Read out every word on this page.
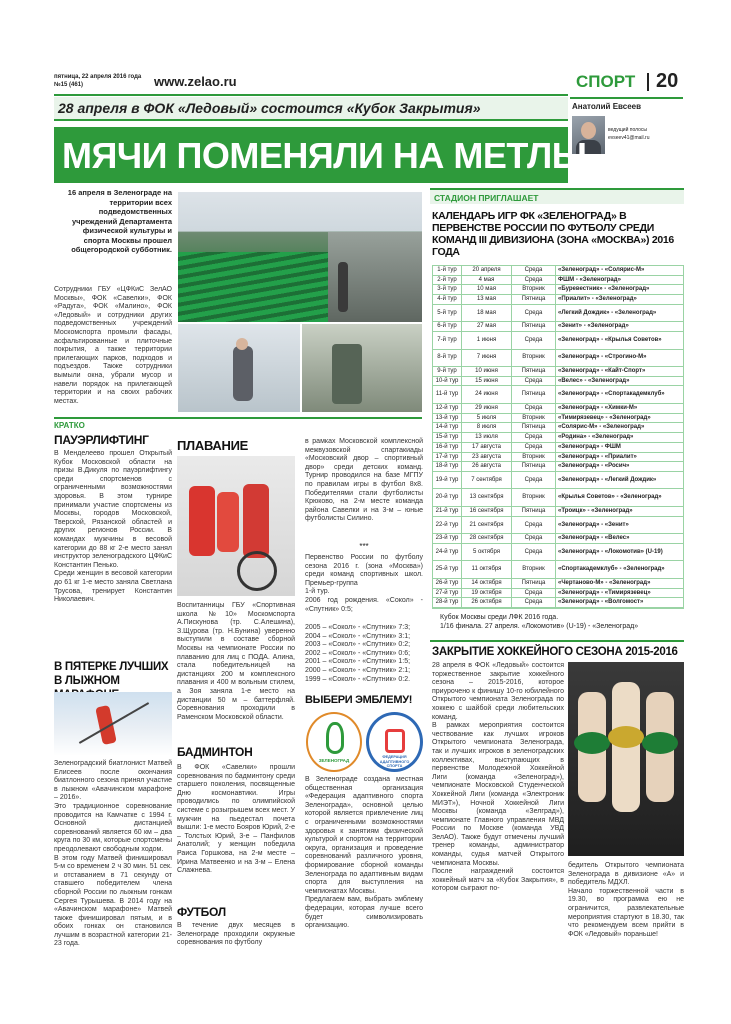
пятница, 22 апреля 2016 года
№15 (461)	www.zelao.ru	СПОРТ 20
28 апреля в ФОК «Ледовый» состоится «Кубок Закрытия»	Анатолий Евсеев
ведущий полосы
evseev41@mail.ru
МЯЧИ ПОМЕНЯЛИ НА МЕТЛЫ
16 апреля в Зеленограде на территории всех подведомственных учреждений Департамента физической культуры и спорта Москвы прошел общегородской субботник.
Сотрудники ГБУ «ЦФКиС ЗелАО Москвы», ФОК «Савелки», ФОК «Радуга», ФОК «Малино», ФОК «Ледовый» и сотрудники других подведомственных учреждений Москомспорта промыли фасады, асфальтированные и плиточные покрытия, а также территории прилегающих парков, подходов и подъездов. Также сотрудники вымыли окна, убрали мусор и навели порядок на прилегающей территории и на своих рабочих местах.
КРАТКО
ПАУЭРЛИФТИНГ
В Менделеево прошел Открытый Кубок Московской области на призы В.Дикуля по пауэрлифтингу среди спортсменов с ограниченными возможностями здоровья. В этом турнире принимали участие спортсмены из Москвы, городов Московской, Тверской, Рязанской областей и других регионов России. В командах мужчины в весовой категории до 88 кг 2-е место занял инструктор зеленоградского ЦФКиС Константин Пенько.
Среди женщин в весовой категории до 61 кг 1-е место заняла Светлана Трусова, тренирует Константин Николаевич.
В ПЯТЕРКЕ ЛУЧШИХ В ЛЫЖНОМ
Зеленоградский биатлонист Матвей Елисеев после окончания биатлонного сезона принял участие в лыжном «Авачинском марафоне – 2016».
Это традиционное соревнование проводится на Камчатке с 1994 г. Основной дистанцией соревнований является 60 км – два круга по 30 км, которые спортсмены преодолевают свободным ходом.
В этом году Матвей финишировал 5-м со временем 2 ч 30 мин. 51 сек. и отставанием в 71 секунду от ставшего победителем члена сборной России по лыжным гонкам Сергея Турышева. В 2014 году на «Авачинском марафоне» Матвей также финишировал пятым, и в обоих гонках он становился лучшим в возрастной категории 21-23 года.
ПЛАВАНИЕ
Воспитанницы ГБУ «Спортивная школа №10» Москомспорта А.Пискунова (тр. С.Алешина), З.Щурова (тр. Н.Бунина) уверенно выступили в составе сборной Москвы на чемпионате России по плаванию для лиц с ПОДА. Алина, стала победительницей на дистанциях 200 м комплексного плавания и 400 м вольным стилем, а Зоя заняла 1-е место на дистанции 50 м – баттерфляй. Соревнования проходили в Раменском Московской области.
БАДМИНТОН
В ФОК «Савелки» прошли соревнования по бадминтону среди старшего поколения, посвященные Дню космонавтики. Игры проводились по олимпийской системе с розыгрышем всех мест. У мужчин на пьедестал почета вышли: 1-е место Бояров Юрий, 2-е – Толстых Юрий, 3-е – Панфилов Анатолий; у женщин победила Раиса Горшкова, на 2-м месте – Ирина Матвеенко и на 3-м – Елена Слажнева.
ФУТБОЛ
В течение двух месяцев в Зеленограде проходили окружные соревнования по футболу
в рамках Московской комплексной межвузовской спартакиады «Московский двор – спортивный двор» среди детских команд. Турнир проводился на базе МГПУ по правилам игры в футбол 8х8. Победителями стали футболисты Крюково, на 2-м месте команда района Савелки и на 3-м – юные футболисты Силино.
***
Первенство России по футболу сезона 2016 г. (зона «Москва») среди команд спортивных школ. Премьер-группа
1-й тур.
2006 год рождения. «Сокол» - «Спутник» 0:5;
2005 – «Сокол» - «Спутник» 7:3;
2004 – «Сокол» - «Спутник» 3:1;
2003 – «Сокол» - «Спутник» 0:2;
2002 – «Сокол» - «Спутник» 0:6;
2001 – «Сокол» - «Спутник» 1:5;
2000 – «Сокол» - «Спутник» 2:1;
1999 – «Сокол» - «Спутник» 0:2.
ВЫБЕРИ ЭМБЛЕМУ!
ЗЕЛЕНОГРАД
ФЕДЕРАЦИЯ АДАПТИВНОГО СПОРТА
В Зеленограде создана местная общественная организация «Федерация адаптивного спорта Зеленограда», основной целью которой является привлечение лиц с ограниченными возможностями здоровья к занятиям физической культурой и спортом на территории округа, организация и проведение соревнований различного уровня, формирование сборной команды Зеленограда по адаптивным видам спорта для выступления на чемпионатах Москвы.
Предлагаем вам, выбрать эмблему федерации, которая лучше всего будет символизировать организацию.
СТАДИОН ПРИГЛАШАЕТ
КАЛЕНДАРЬ ИГР ФК «ЗЕЛЕНОГРАД» В ПЕРВЕНСТВЕ РОССИИ ПО ФУТБОЛУ СРЕДИ КОМАНД III ДИВИЗИОНА (ЗОНА «МОСКВА») 2016 ГОДА
1-й тур	20 апреля	Среда	«Зеленоград» - «Солярис-М»
2-й тур	4 мая	Среда	ФШМ - «Зеленоград»
3-й тур	10 мая	Вторник	«Буревестник» - «Зеленоград»
4-й тур	13 мая	Пятница	«Приалит» - «Зеленоград»
5-й тур	18 мая	Среда	«Легкий Дождик» - «Зеленоград»
6-й тур	27 мая	Пятница	«Зенит» - «Зеленоград»
7-й тур	1 июня	Среда	«Зеленоград» - «Крылья Советов»
8-й тур	7 июня	Вторник	«Зеленоград» - «Строгино-М»
9-й тур	10 июня	Пятница	«Зеленоград» - «Кайт-Спорт»
10-й тур	15 июня	Среда	«Велес» - «Зеленоград»
11-й тур	24 июня	Пятница	«Зеленоград» - «Спортакадемклуб»
12-й тур	29 июня	Среда	«Зеленоград» - «Химки-М»
13-й тур	5 июля	Вторник	«Тимирязевец» - «Зеленоград»
14-й тур	8 июля	Пятница	«Солярис-М» - «Зеленоград»
15-й тур	13 июля	Среда	«Родина» - «Зеленоград»
16-й тур	17 августа	Среда	«Зеленоград» - ФШМ
17-й тур	23 августа	Вторник	«Зеленоград» - «Приалит»
18-й тур	26 августа	Пятница	«Зеленоград» - «Росич»
19-й тур	7 сентября	Среда	«Зеленоград» - «Легкий Дождик»
20-й тур	13 сентября	Вторник	«Крылья Советов» - «Зеленоград»
21-й тур	16 сентября	Пятница	«Троицк» - «Зеленоград»
22-й тур	21 сентября	Среда	«Зеленоград» - «Зенит»
23-й тур	28 сентября	Среда	«Зеленоград» - «Велес»
24-й тур	5 октября	Среда	«Зеленоград» - «Локомотив» (U-19)
25-й тур	11 октября	Вторник	«Спортакадемклуб» - «Зеленоград»
26-й тур	14 октября	Пятница	«Чертаново-М» - «Зеленоград»
27-й тур	19 октября	Среда	«Зеленоград» - «Тимирязевец»
28-й тур	26 октября	Среда	«Зеленоград» - «Волгомост»
Кубок Москвы среди ЛФК 2016 года.
1/16 финала. 27 апреля. «Локомотив» (U-19) - «Зеленоград»
ЗАКРЫТИЕ ХОККЕЙНОГО СЕЗОНА 2015-2016
28 апреля в ФОК «Ледовый» состоится торжественное закрытие хоккейного сезона – 2015-2016, которое приурочено к финишу 10-го юбилейного Открытого чемпионата Зеленограда по хоккею с шайбой среди любительских команд.
В рамках мероприятия состоится чествование как лучших игроков Открытого чемпионата Зеленограда, так и лучших игроков в зеленоградских коллективах, выступающих в первенстве Молодежной Хоккейной Лиги (команда «Зеленоград»), чемпионате Московской Студенческой Хоккейной Лиги (команда «Электроник МИЭТ»), Ночной Хоккейной Лиги Москвы (команда «Зелград»), чемпионате Главного управления МВД России по Москве (команда УВД ЗелАО). Также будут отмечены лучший тренер команды, администратор команды, судья матчей Открытого чемпионата Москвы.
После награждений состоится хоккейный матч за «Кубок Закрытия», в котором сыграют по-
бедитель Открытого чемпионата Зеленограда в дивизионе «А» и победитель МДХЛ.
Начало торжественной части в 19.30, во программа ею не ограничится, развлекательные мероприятия стартуют в 18.30, так что рекомендуем всем прийти в ФОК «Ледовый» пораньше!
